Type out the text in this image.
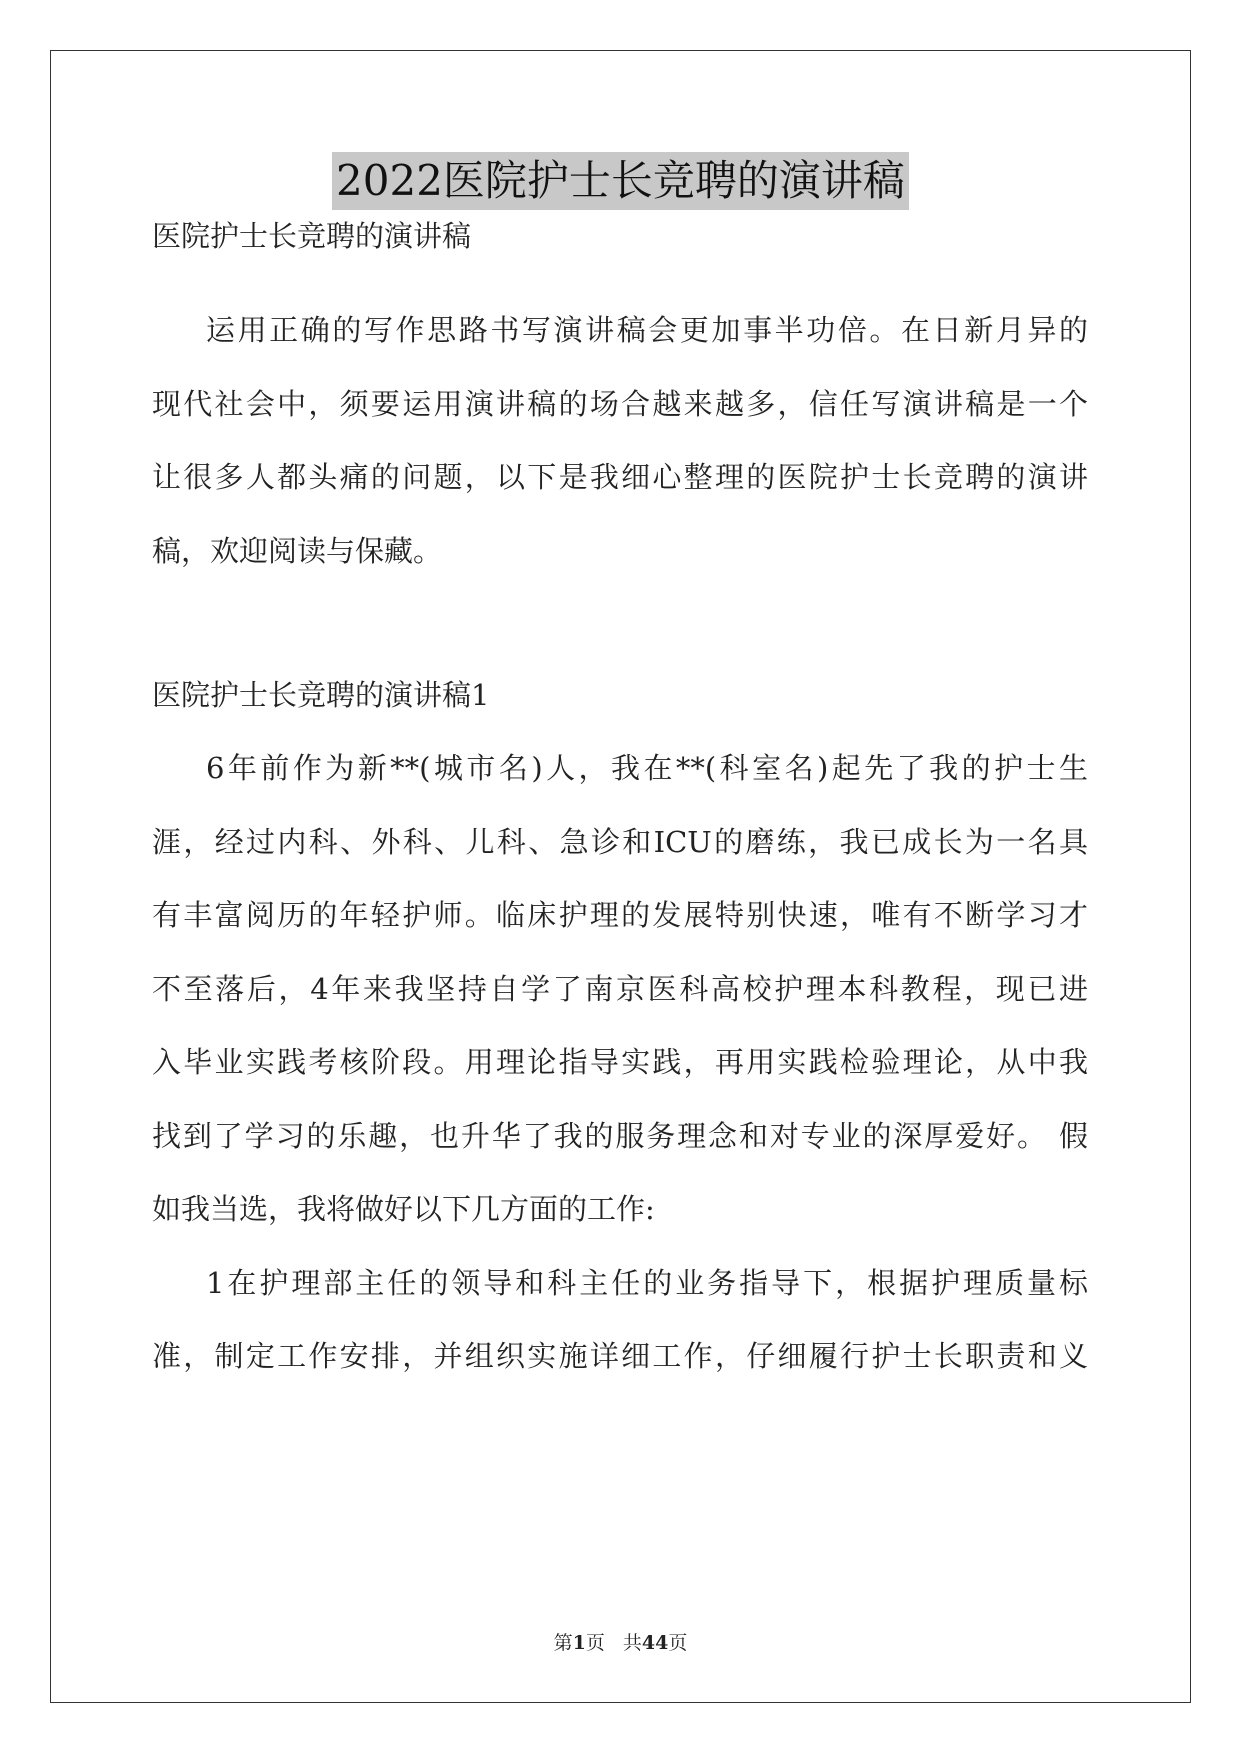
2022医院护士长竞聘的演讲稿
医院护士长竞聘的演讲稿
运用正确的写作思路书写演讲稿会更加事半功倍。在日新月异的
现代社会中，须要运用演讲稿的场合越来越多，信任写演讲稿是一个
让很多人都头痛的问题，以下是我细心整理的医院护士长竞聘的演讲
稿，欢迎阅读与保藏。
医院护士长竞聘的演讲稿1
6年前作为新**(城市名)人，我在**(科室名)起先了我的护士生
涯，经过内科、外科、儿科、急诊和ICU的磨练，我已成长为一名具
有丰富阅历的年轻护师。临床护理的发展特别快速，唯有不断学习才
不至落后，4年来我坚持自学了南京医科高校护理本科教程，现已进
入毕业实践考核阶段。用理论指导实践，再用实践检验理论，从中我
找到了学习的乐趣，也升华了我的服务理念和对专业的深厚爱好。 假
如我当选，我将做好以下几方面的工作:
1在护理部主任的领导和科主任的业务指导下，根据护理质量标
准，制定工作安排，并组织实施详细工作，仔细履行护士长职责和义
第1页 共44页
